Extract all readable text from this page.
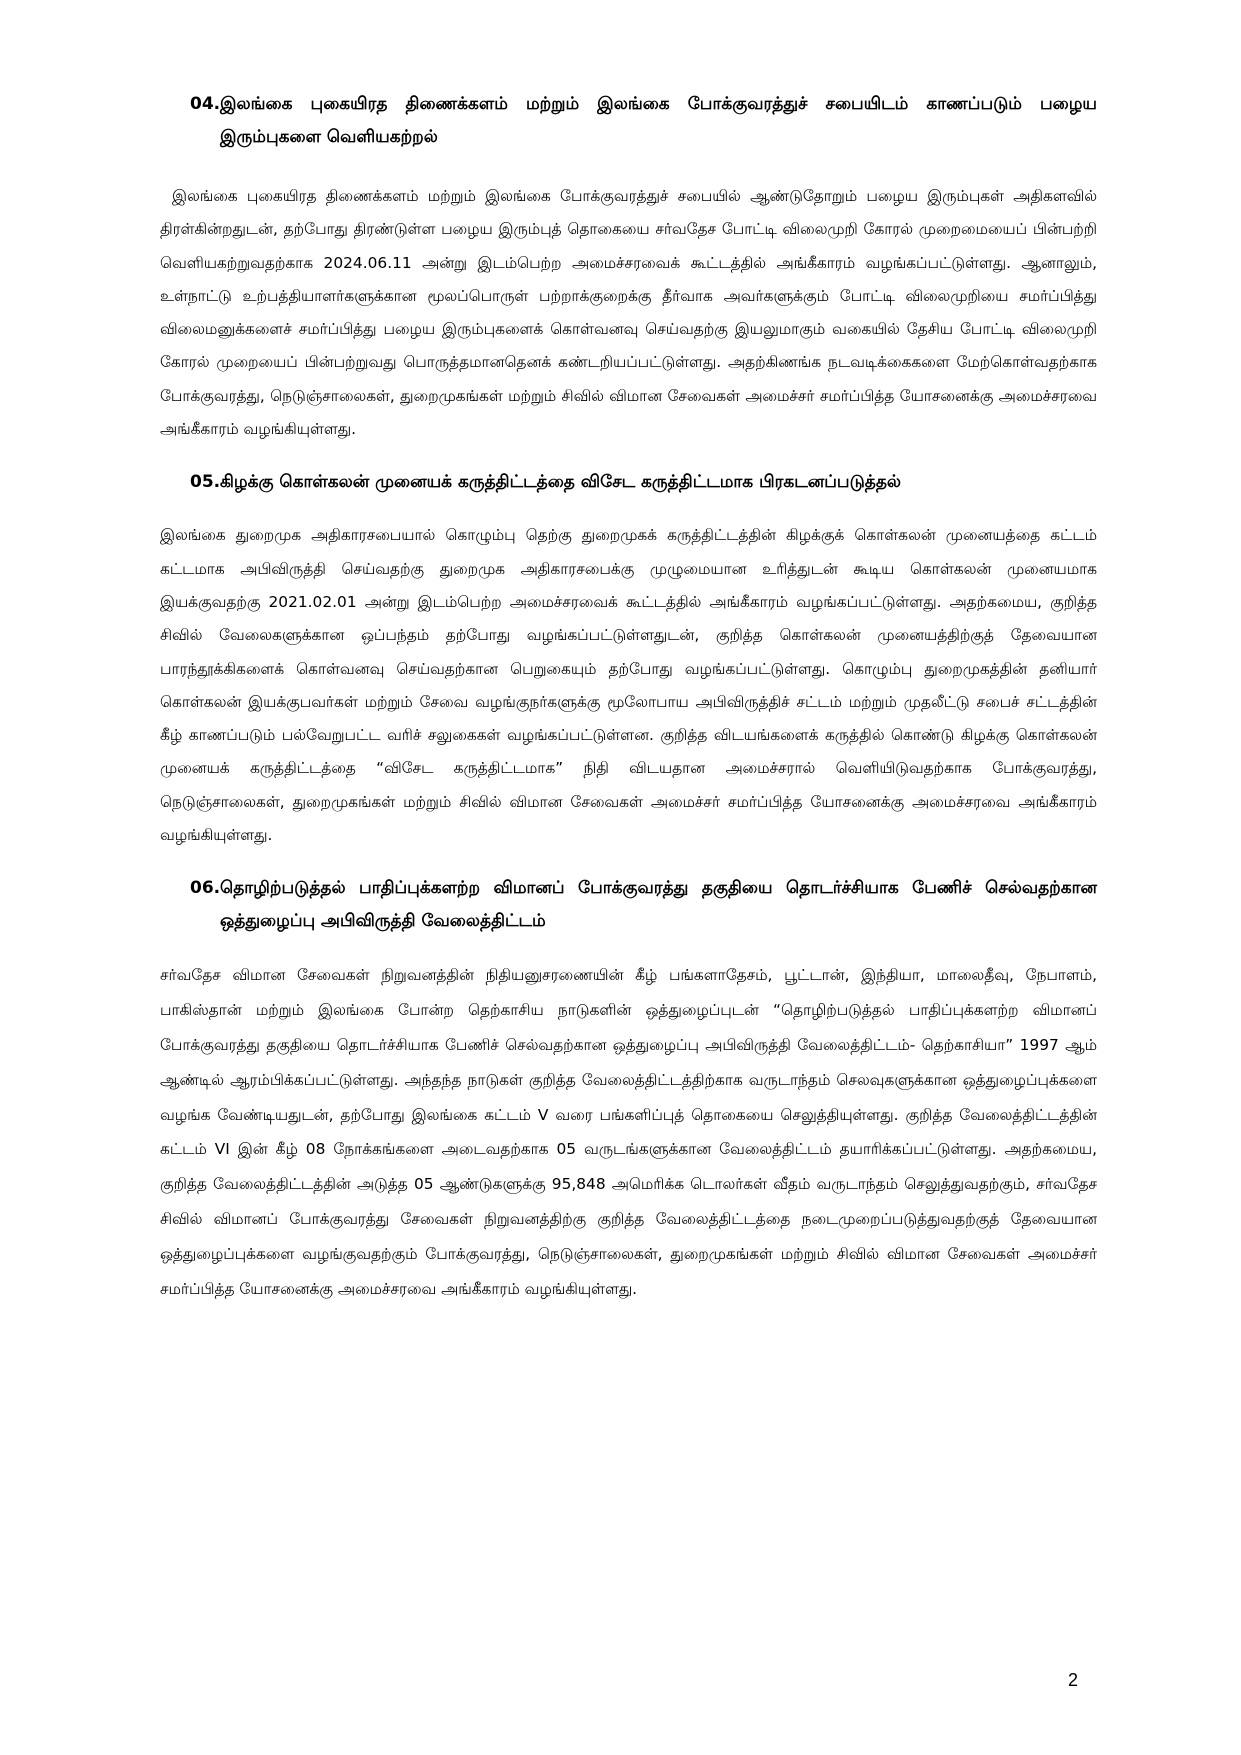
04.இலங்கை புகையிரத திணைக்களம் மற்றும் இலங்கை போக்குவரத்துச் சபையிடம் காணப்படும் பழைய இரும்புகளை வெளியகற்றல்

இலங்கை புகையிரத திணைக்களம் மற்றும் இலங்கை போக்குவரத்துச் சபையில் ஆண்டுதோறும் பழைய இரும்புகள் அதிகளவில் திரள்கின்றதுடன், தற்போது திரண்டுள்ள பழைய இரும்புத் தொகையை சர்வதேச போட்டி விலைமுறி கோரல் முறைமையைப் பின்பற்றி வெளியகற்றுவதற்காக 2024.06.11 அன்று இடம்பெற்ற அமைச்சரவைக் கூட்டத்தில் அங்கீகாரம் வழங்கப்பட்டுள்ளது. ஆனாலும், உள்நாட்டு உற்பத்தியாளர்களுக்கான மூலப்பொருள் பற்றாக்குறைக்கு தீர்வாக அவர்களுக்கும் போட்டி விலைமுறியை சமர்ப்பித்து விலைமனுக்களைச் சமர்ப்பித்து பழைய இரும்புகளைக் கொள்வனவு செய்வதற்கு இயலுமாகும் வகையில் தேசிய போட்டி விலைமுறி கோரல் முறையைப் பின்பற்றுவது பொருத்தமானதெனக் கண்டறியப்பட்டுள்ளது. அதற்கிணங்க நடவடிக்கைகளை மேற்கொள்வதற்காக போக்குவரத்து, நெடுஞ்சாலைகள், துறைமுகங்கள் மற்றும் சிவில் விமான சேவைகள் அமைச்சர் சமர்ப்பித்த யோசனைக்கு அமைச்சரவை அங்கீகாரம் வழங்கியுள்ளது.

05.கிழக்கு கொள்கலன் முனையக் கருத்திட்டத்தை விசேட கருத்திட்டமாக பிரகடனப்படுத்தல்

இலங்கை துறைமுக அதிகாரசபையால் கொழும்பு தெற்கு துறைமுகக் கருத்திட்டத்தின் கிழக்குக் கொள்கலன் முனையத்தை கட்டம் கட்டமாக அபிவிருத்தி செய்வதற்கு துறைமுக அதிகாரசபைக்கு முழுமையான உரித்துடன் கூடிய கொள்கலன் முனையமாக இயக்குவதற்கு 2021.02.01 அன்று இடம்பெற்ற அமைச்சரவைக் கூட்டத்தில் அங்கீகாரம் வழங்கப்பட்டுள்ளது. அதற்கமைய, குறித்த சிவில் வேலைகளுக்கான ஒப்பந்தம் தற்போது வழங்கப்பட்டுள்ளதுடன், குறித்த கொள்கலன் முனையத்திற்குத் தேவையான பாரந்தூக்கிகளைக் கொள்வனவு செய்வதற்கான பெறுகையும் தற்போது வழங்கப்பட்டுள்ளது. கொழும்பு துறைமுகத்தின் தனியார் கொள்கலன் இயக்குபவர்கள் மற்றும் சேவை வழங்குநர்களுக்கு மூலோபாய அபிவிருத்திச் சட்டம் மற்றும் முதலீட்டு சபைச் சட்டத்தின் கீழ் காணப்படும் பல்வேறுபட்ட வரிச் சலுகைகள் வழங்கப்பட்டுள்ளன. குறித்த விடயங்களைக் கருத்தில் கொண்டு கிழக்கு கொள்கலன் முனையக் கருத்திட்டத்தை “விசேட கருத்திட்டமாக” நிதி விடயதான அமைச்சரால் வெளியிடுவதற்காக போக்குவரத்து, நெடுஞ்சாலைகள், துறைமுகங்கள் மற்றும் சிவில் விமான சேவைகள் அமைச்சர் சமர்ப்பித்த யோசனைக்கு அமைச்சரவை அங்கீகாரம் வழங்கியுள்ளது.

06.தொழிற்படுத்தல் பாதிப்புக்களற்ற விமானப் போக்குவரத்து தகுதியை தொடர்ச்சியாக பேணிச் செல்வதற்கான ஒத்துழைப்பு அபிவிருத்தி வேலைத்திட்டம்

சர்வதேச விமான சேவைகள் நிறுவனத்தின் நிதியனுசரணையின் கீழ் பங்களாதேசம், பூட்டான், இந்தியா, மாலைதீவு, நேபாளம், பாகிஸ்தான் மற்றும் இலங்கை போன்ற தெற்காசிய நாடுகளின் ஒத்துழைப்புடன் “தொழிற்படுத்தல் பாதிப்புக்களற்ற விமானப் போக்குவரத்து தகுதியை தொடர்ச்சியாக பேணிச் செல்வதற்கான ஒத்துழைப்பு அபிவிருத்தி வேலைத்திட்டம்- தெற்காசியா” 1997 ஆம் ஆண்டில் ஆரம்பிக்கப்பட்டுள்ளது. அந்தந்த நாடுகள் குறித்த வேலைத்திட்டத்திற்காக வருடாந்தம் செலவுகளுக்கான ஒத்துழைப்புக்களை வழங்க வேண்டியதுடன், தற்போது இலங்கை கட்டம் V வரை பங்களிப்புத் தொகையை செலுத்தியுள்ளது. குறித்த வேலைத்திட்டத்தின் கட்டம் VI இன் கீழ் 08 நோக்கங்களை அடைவதற்காக 05 வருடங்களுக்கான வேலைத்திட்டம் தயாரிக்கப்பட்டுள்ளது. அதற்கமைய, குறித்த வேலைத்திட்டத்தின் அடுத்த 05 ஆண்டுகளுக்கு 95,848 அமெரிக்க டொலர்கள் வீதம் வருடாந்தம் செலுத்துவதற்கும், சர்வதேச சிவில் விமானப் போக்குவரத்து சேவைகள் நிறுவனத்திற்கு குறித்த வேலைத்திட்டத்தை நடைமுறைப்படுத்துவதற்குத் தேவையான ஒத்துழைப்புக்களை வழங்குவதற்கும் போக்குவரத்து, நெடுஞ்சாலைகள், துறைமுகங்கள் மற்றும் சிவில் விமான சேவைகள் அமைச்சர் சமர்ப்பித்த யோசனைக்கு அமைச்சரவை அங்கீகாரம் வழங்கியுள்ளது.

2
